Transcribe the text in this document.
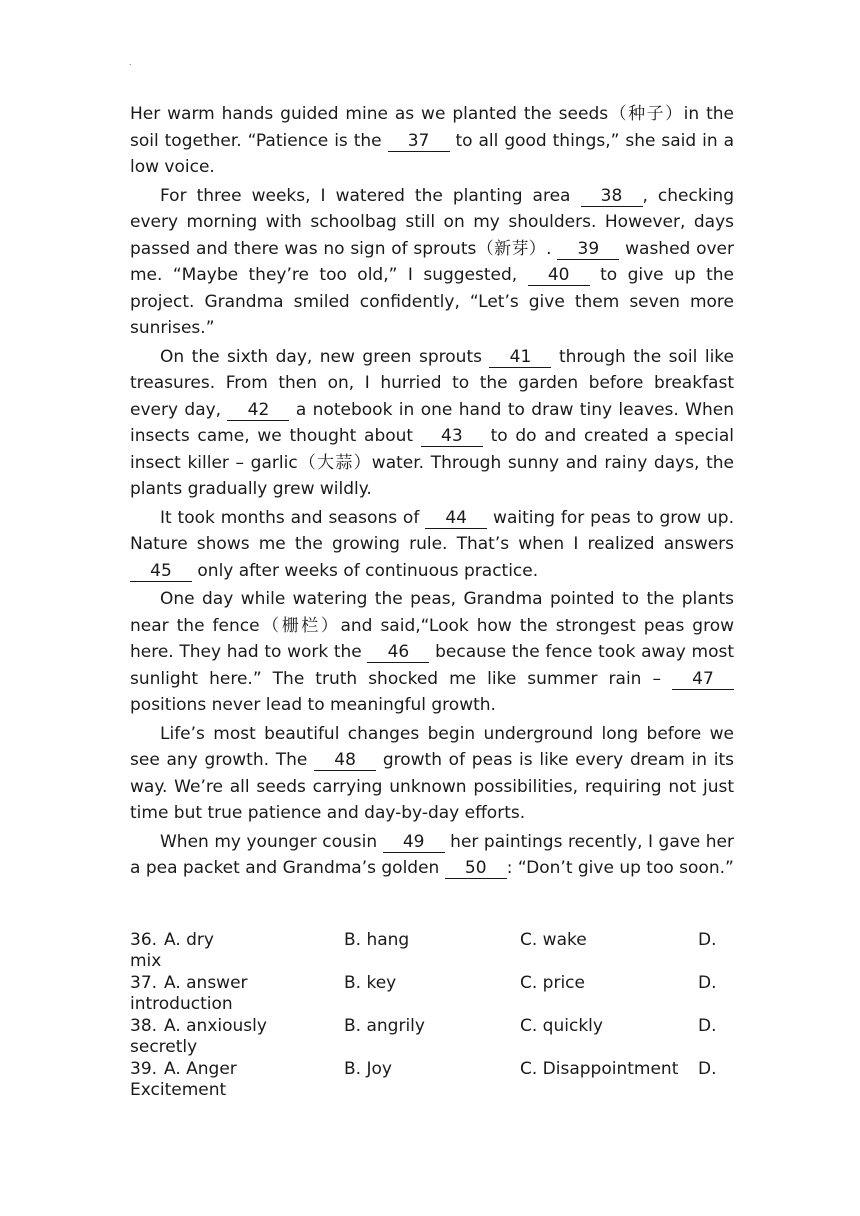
.

Her warm hands guided mine as we planted the seeds（种子）in the soil together. “Patience is the 37 to all good things,” she said in a low voice.

For three weeks, I watered the planting area 38 , checking every morning with schoolbag still on my shoulders. However, days passed and there was no sign of sprouts（新芽）. 39 washed over me. “Maybe they’re too old,” I suggested, 40 to give up the project. Grandma smiled confidently, “Let’s give them seven more sunrises.”

On the sixth day, new green sprouts 41 through the soil like treasures. From then on, I hurried to the garden before breakfast every day, 42 a notebook in one hand to draw tiny leaves. When insects came, we thought about 43 to do and created a special insect killer – garlic（大蒜）water. Through sunny and rainy days, the plants gradually grew wildly.

It took months and seasons of 44 waiting for peas to grow up. Nature shows me the growing rule. That’s when I realized answers 45 only after weeks of continuous practice.

One day while watering the peas, Grandma pointed to the plants near the fence（栅栏）and said,“Look how the strongest peas grow here. They had to work the 46 because the fence took away most sunlight here.” The truth shocked me like summer rain – 47 positions never lead to meaningful growth.

Life’s most beautiful changes begin underground long before we see any growth. The 48 growth of peas is like every dream in its way. We’re all seeds carrying unknown possibilities, requiring not just time but true patience and day-by-day efforts.

When my younger cousin 49 her paintings recently, I gave her a pea packet and Grandma’s golden 50 : “Don’t give up too soon.”

36. A. dry	B. hang	C. wake	D.
mix
37. A. answer	B. key	C. price	D.
introduction
38. A. anxiously	B. angrily	C. quickly	D.
secretly
39. A. Anger	B. Joy	C. Disappointment D.
Excitement
